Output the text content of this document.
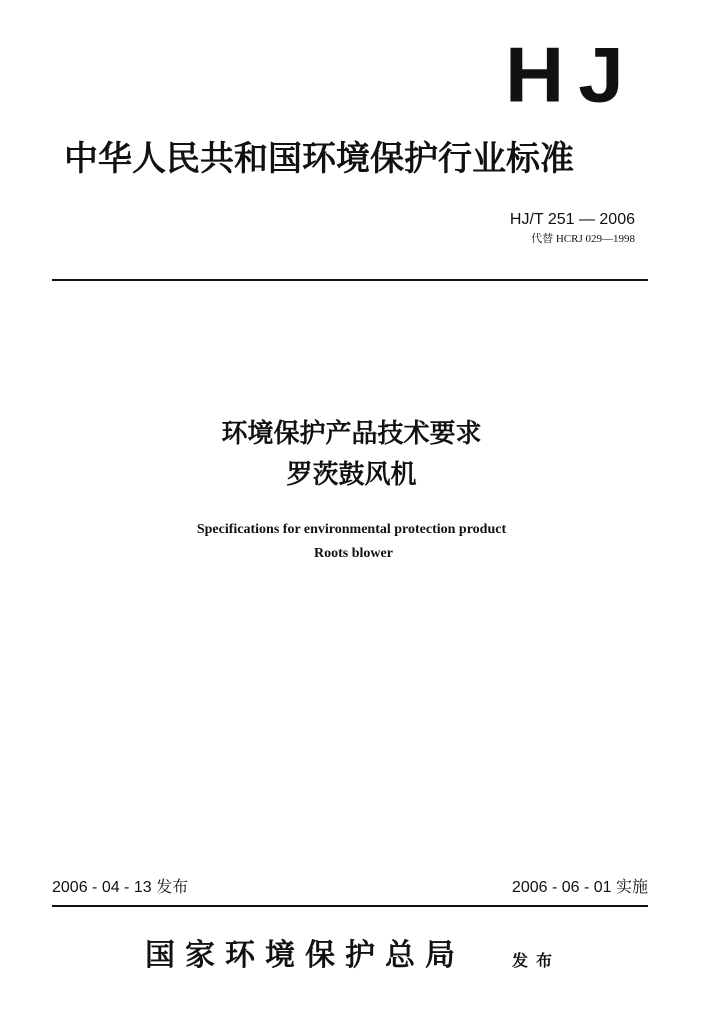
HJ
中华人民共和国环境保护行业标准
HJ/T 251 — 2006
代替 HCRJ 029—1998
环境保护产品技术要求
罗茨鼓风机
Specifications for environmental protection product
Roots blower
2006 - 04 - 13 发布	2006 - 06 - 01 实施
国家环境保护总局	发布
